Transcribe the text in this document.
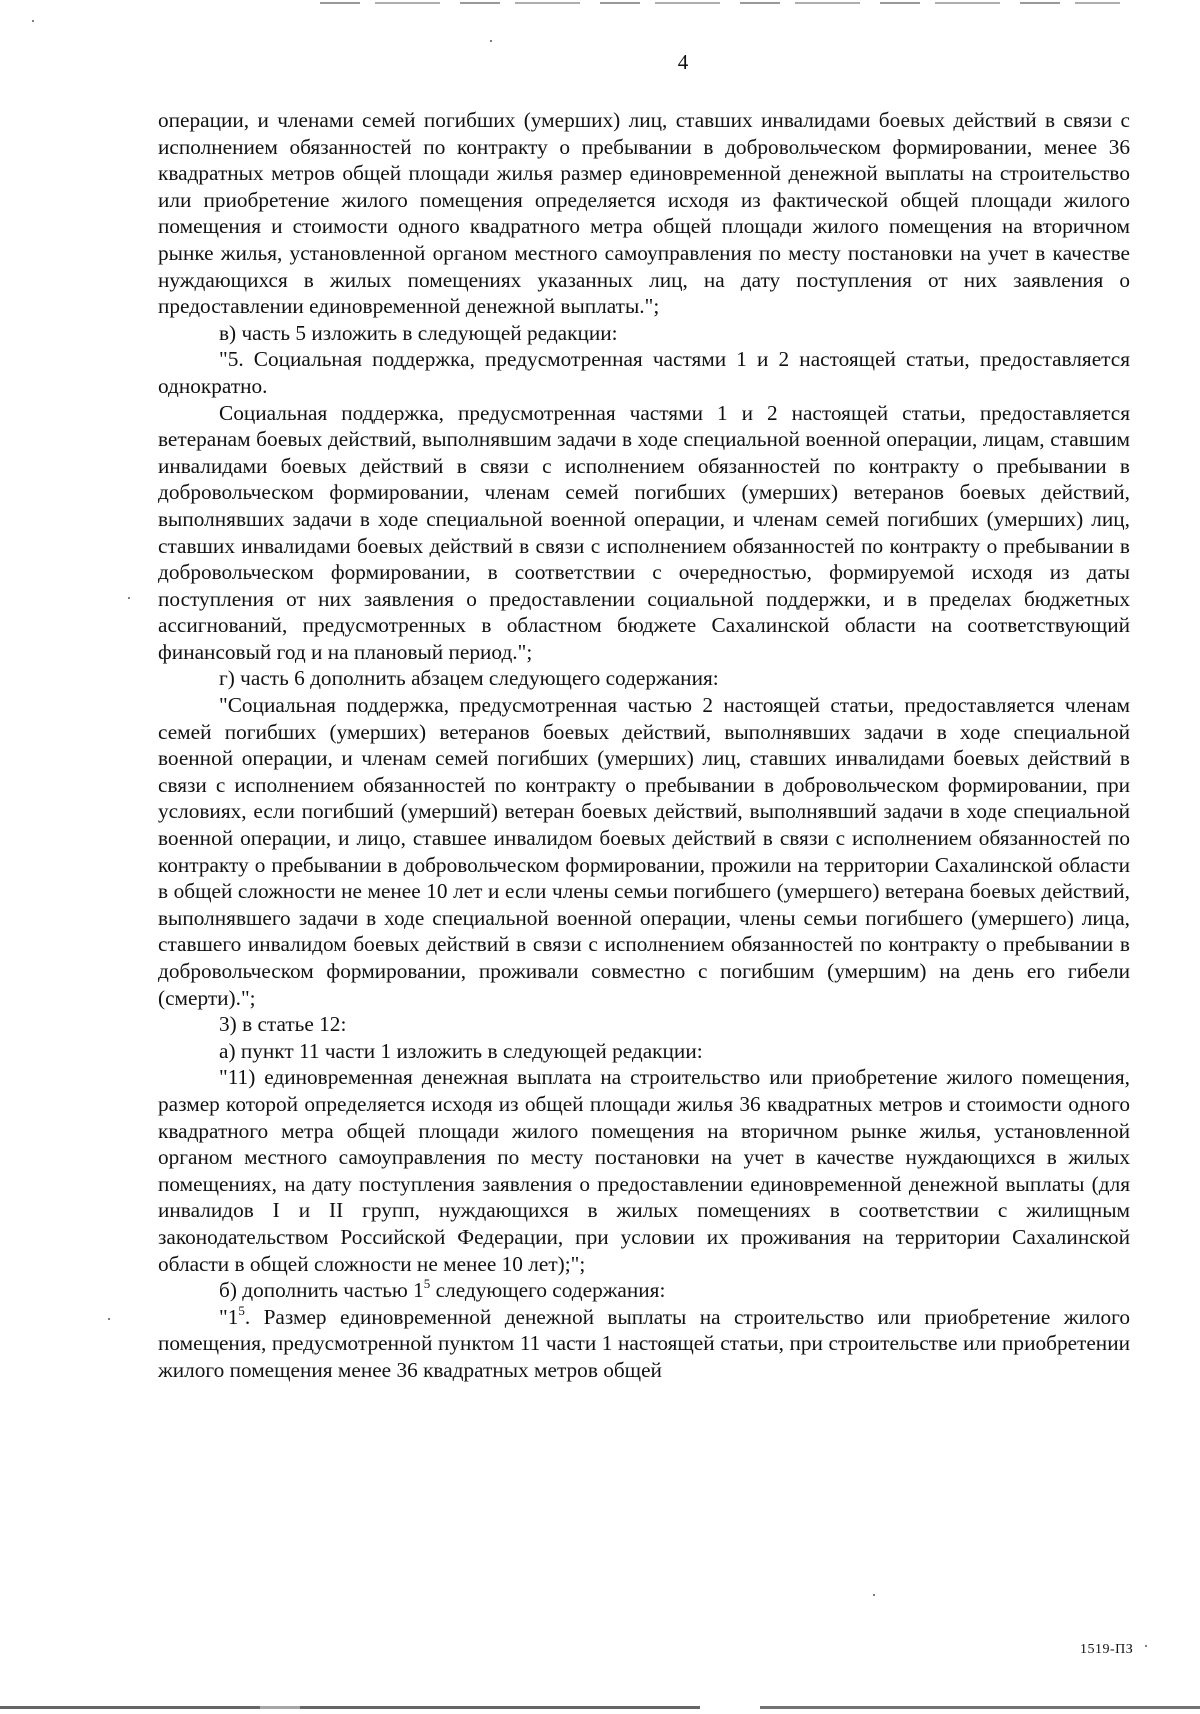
4

операции, и членами семей погибших (умерших) лиц, ставших инвалидами боевых действий в связи с исполнением обязанностей по контракту о пребывании в добровольческом формировании, менее 36 квадратных метров общей площади жилья размер единовременной денежной выплаты на строительство или приобретение жилого помещения определяется исходя из фактической общей площади жилого помещения и стоимости одного квадратного метра общей площади жилого помещения на вторичном рынке жилья, установленной органом местного самоуправления по месту постановки на учет в качестве нуждающихся в жилых помещениях указанных лиц, на дату поступления от них заявления о предоставлении единовременной денежной выплаты.";

в) часть 5 изложить в следующей редакции:

"5. Социальная поддержка, предусмотренная частями 1 и 2 настоящей статьи, предоставляется однократно.

Социальная поддержка, предусмотренная частями 1 и 2 настоящей статьи, предоставляется ветеранам боевых действий, выполнявшим задачи в ходе специальной военной операции, лицам, ставшим инвалидами боевых действий в связи с исполнением обязанностей по контракту о пребывании в добровольческом формировании, членам семей погибших (умерших) ветеранов боевых действий, выполнявших задачи в ходе специальной военной операции, и членам семей погибших (умерших) лиц, ставших инвалидами боевых действий в связи с исполнением обязанностей по контракту о пребывании в добровольческом формировании, в соответствии с очередностью, формируемой исходя из даты поступления от них заявления о предоставлении социальной поддержки, и в пределах бюджетных ассигнований, предусмотренных в областном бюджете Сахалинской области на соответствующий финансовый год и на плановый период.";

г) часть 6 дополнить абзацем следующего содержания:

"Социальная поддержка, предусмотренная частью 2 настоящей статьи, предоставляется членам семей погибших (умерших) ветеранов боевых действий, выполнявших задачи в ходе специальной военной операции, и членам семей погибших (умерших) лиц, ставших инвалидами боевых действий в связи с исполнением обязанностей по контракту о пребывании в добровольческом формировании, при условиях, если погибший (умерший) ветеран боевых действий, выполнявший задачи в ходе специальной военной операции, и лицо, ставшее инвалидом боевых действий в связи с исполнением обязанностей по контракту о пребывании в добровольческом формировании, прожили на территории Сахалинской области в общей сложности не менее 10 лет и если члены семьи погибшего (умершего) ветерана боевых действий, выполнявшего задачи в ходе специальной военной операции, члены семьи погибшего (умершего) лица, ставшего инвалидом боевых действий в связи с исполнением обязанностей по контракту о пребывании в добровольческом формировании, проживали совместно с погибшим (умершим) на день его гибели (смерти).";

3) в статье 12:

а) пункт 11 части 1 изложить в следующей редакции:

"11) единовременная денежная выплата на строительство или приобретение жилого помещения, размер которой определяется исходя из общей площади жилья 36 квадратных метров и стоимости одного квадратного метра общей площади жилого помещения на вторичном рынке жилья, установленной органом местного самоуправления по месту постановки на учет в качестве нуждающихся в жилых помещениях, на дату поступления заявления о предоставлении единовременной денежной выплаты (для инвалидов I и II групп, нуждающихся в жилых помещениях в соответствии с жилищным законодательством Российской Федерации, при условии их проживания на территории Сахалинской области в общей сложности не менее 10 лет);";

б) дополнить частью $1^5$ следующего содержания:

"$1^5$. Размер единовременной денежной выплаты на строительство или приобретение жилого помещения, предусмотренной пунктом 11 части 1 настоящей статьи, при строительстве или приобретении жилого помещения менее 36 квадратных метров общей

1519-ПЗ
